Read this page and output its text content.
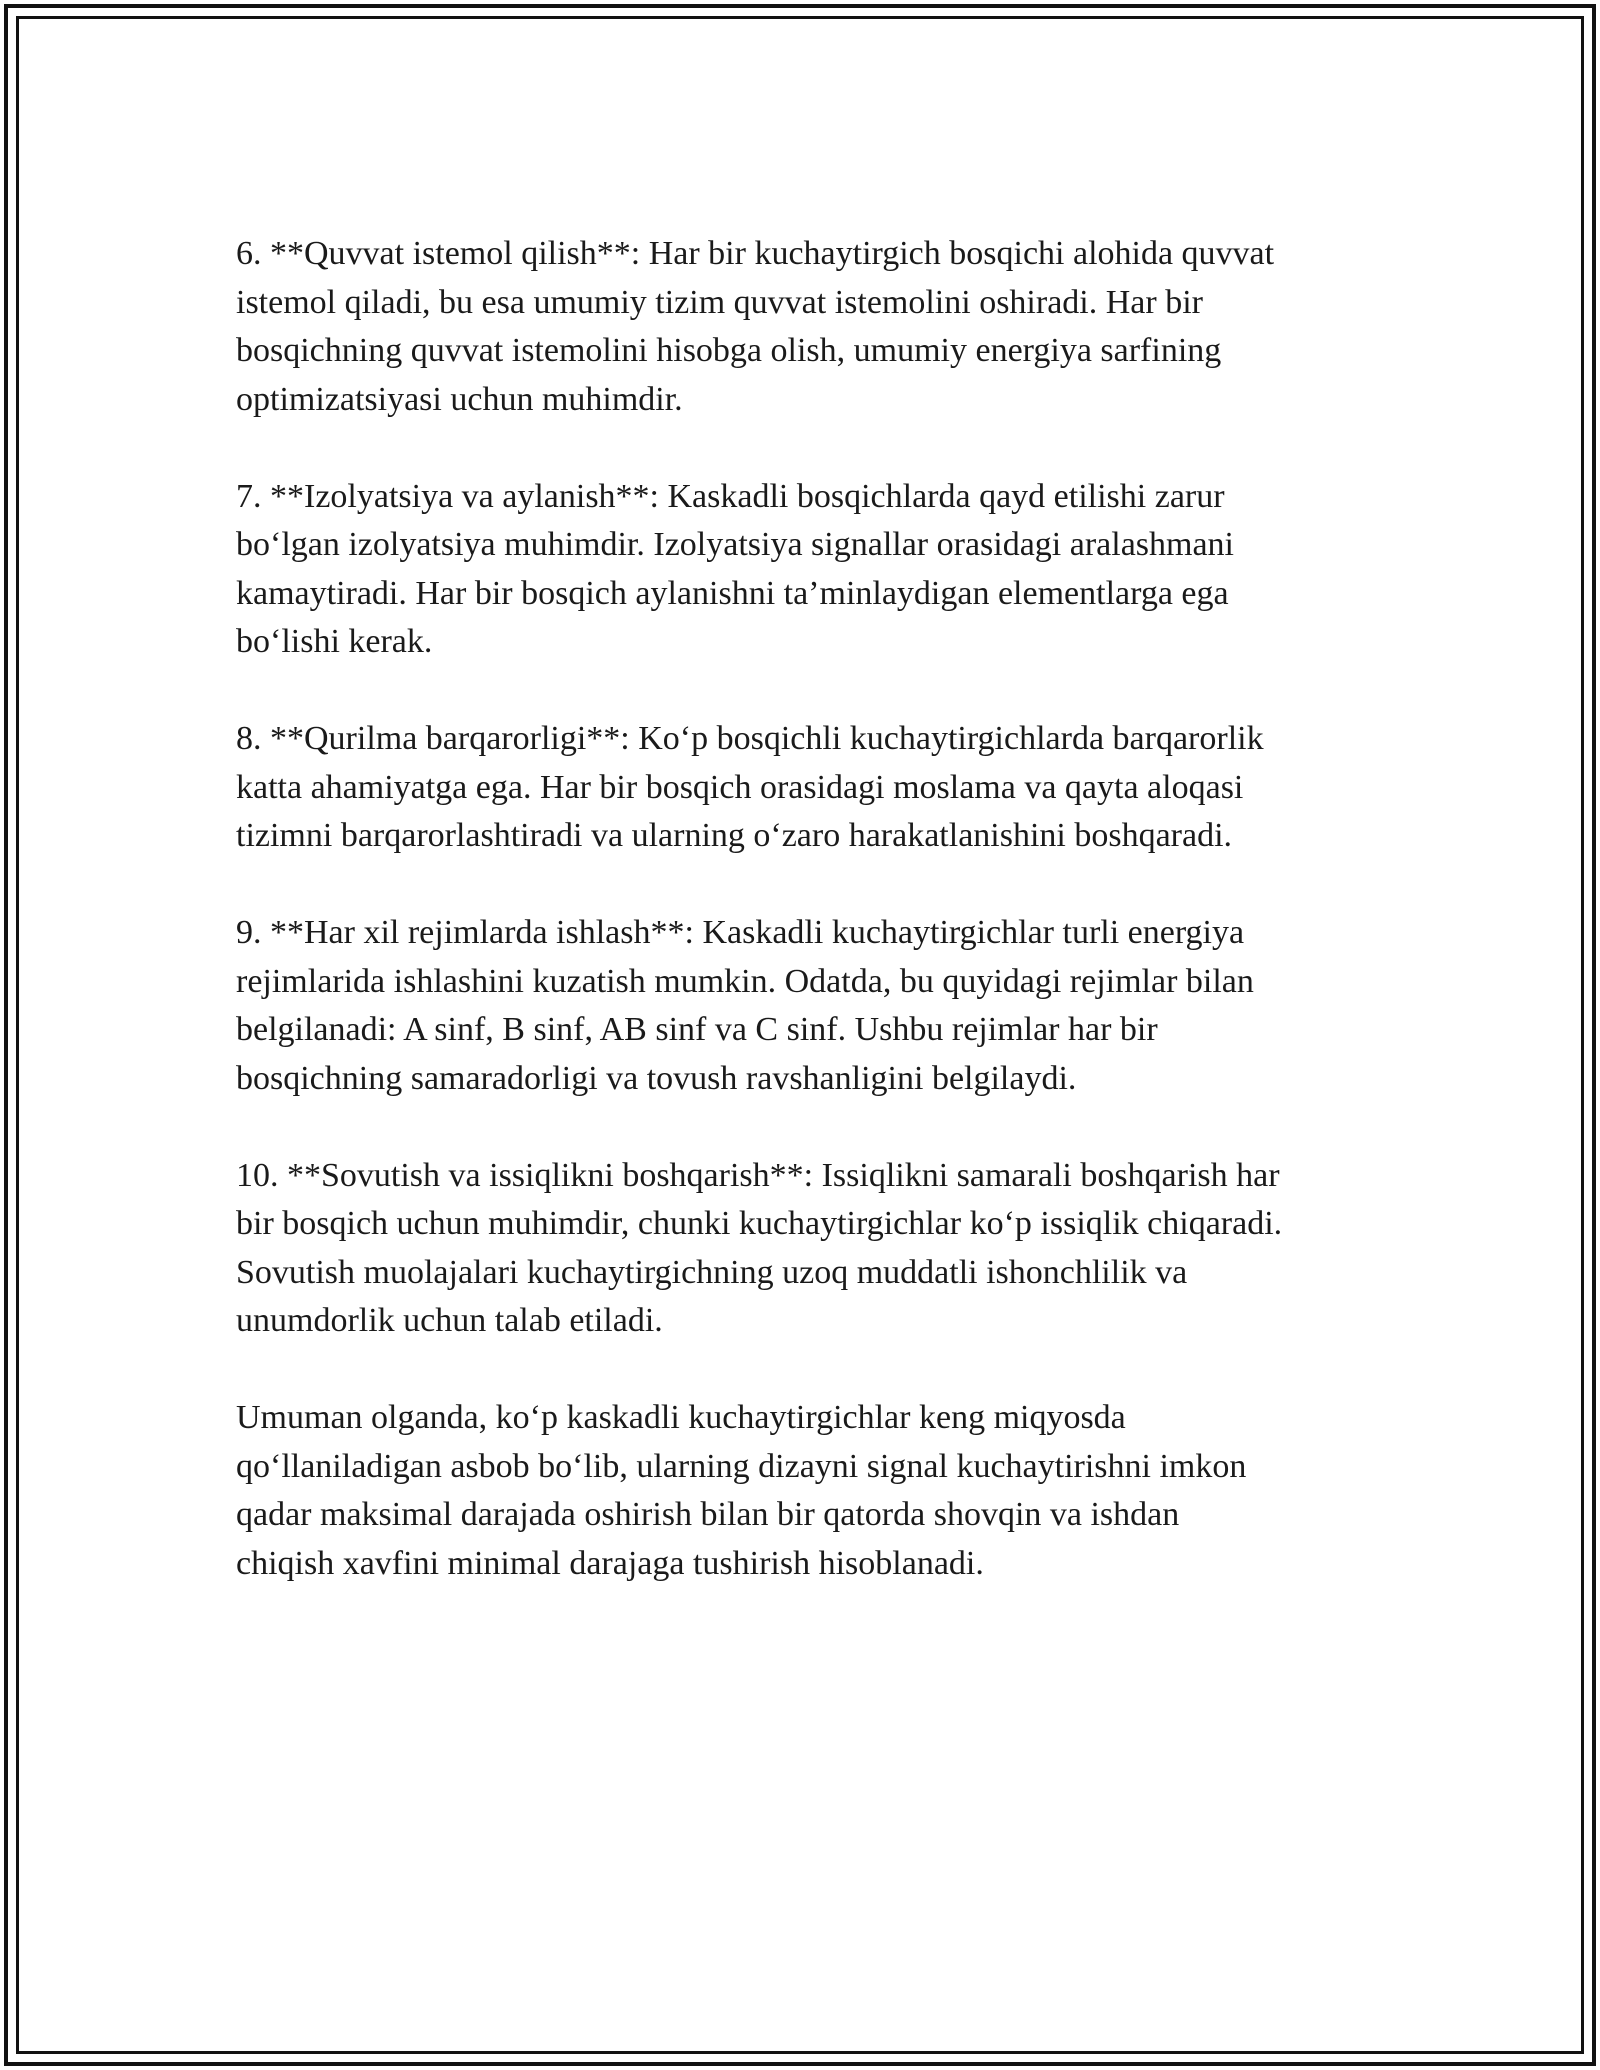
6. **Quvvat istemol qilish**: Har bir kuchaytirgich bosqichi alohida quvvat
istemol qiladi, bu esa umumiy tizim quvvat istemolini oshiradi. Har bir
bosqichning quvvat istemolini hisobga olish, umumiy energiya sarfining
optimizatsiyasi uchun muhimdir.

7. **Izolyatsiya va aylanish**: Kaskadli bosqichlarda qayd etilishi zarur
bo‘lgan izolyatsiya muhimdir. Izolyatsiya signallar orasidagi aralashmani
kamaytiradi. Har bir bosqich aylanishni ta’minlaydigan elementlarga ega
bo‘lishi kerak.

8. **Qurilma barqarorligi**: Ko‘p bosqichli kuchaytirgichlarda barqarorlik
katta ahamiyatga ega. Har bir bosqich orasidagi moslama va qayta aloqasi
tizimni barqarorlashtiradi va ularning o‘zaro harakatlanishini boshqaradi.

9. **Har xil rejimlarda ishlash**: Kaskadli kuchaytirgichlar turli energiya
rejimlarida ishlashini kuzatish mumkin. Odatda, bu quyidagi rejimlar bilan
belgilanadi: A sinf, B sinf, AB sinf va C sinf. Ushbu rejimlar har bir
bosqichning samaradorligi va tovush ravshanligini belgilaydi.

10. **Sovutish va issiqlikni boshqarish**: Issiqlikni samarali boshqarish har
bir bosqich uchun muhimdir, chunki kuchaytirgichlar ko‘p issiqlik chiqaradi.
Sovutish muolajalari kuchaytirgichning uzoq muddatli ishonchlilik va
unumdorlik uchun talab etiladi.

Umuman olganda, ko‘p kaskadli kuchaytirgichlar keng miqyosda
qo‘llaniladigan asbob bo‘lib, ularning dizayni signal kuchaytirishni imkon
qadar maksimal darajada oshirish bilan bir qatorda shovqin va ishdan
chiqish xavfini minimal darajaga tushirish hisoblanadi.
